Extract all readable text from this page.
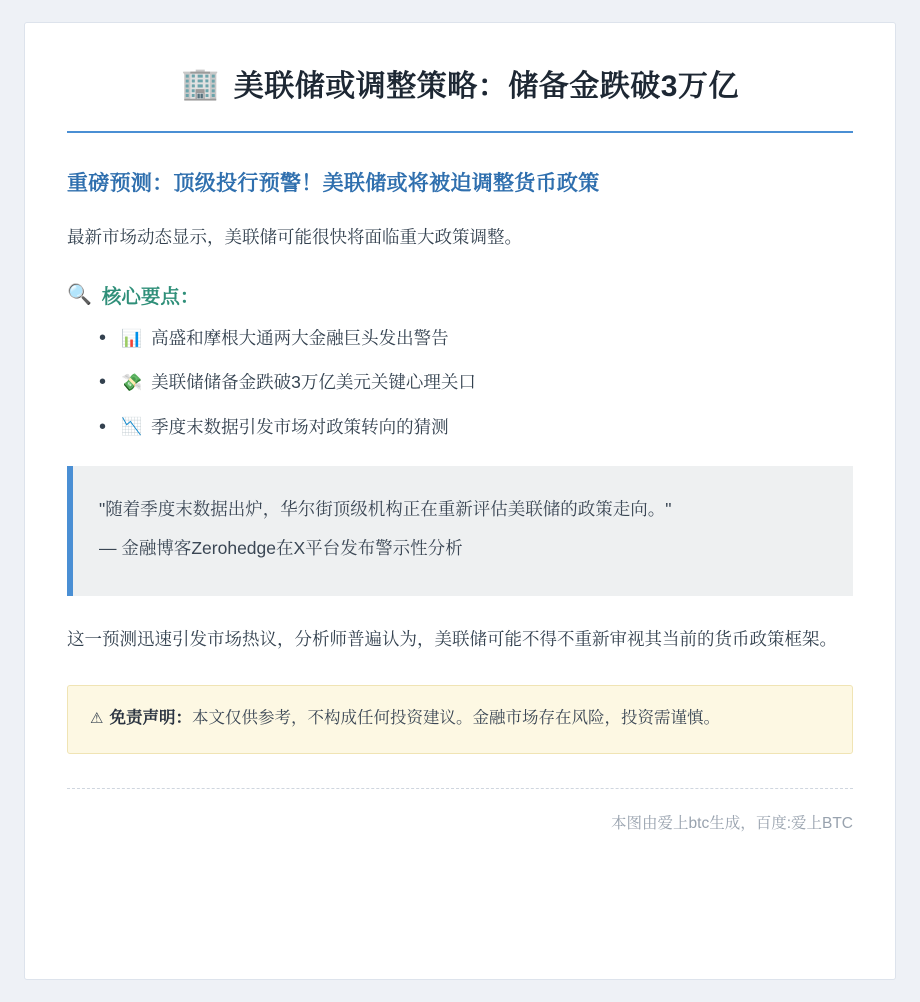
🏢 美联储或调整策略：储备金跌破3万亿
重磅预测：顶级投行预警！美联储或将被迫调整货币政策
最新市场动态显示，美联储可能很快将面临重大政策调整。
🔍 核心要点：
• 📊 高盛和摩根大通两大金融巨头发出警告
• 💸 美联储储备金跌破3万亿美元关键心理关口
• 📉 季度末数据引发市场对政策转向的猜测
"随着季度末数据出炉，华尔街顶级机构正在重新评估美联储的政策走向。"
— 金融博客Zerohedge在X平台发布警示性分析
这一预测迅速引发市场热议，分析师普遍认为，美联储可能不得不重新审视其当前的货币政策框架。
⚠ 免责声明：本文仅供参考，不构成任何投资建议。金融市场存在风险，投资需谨慎。
本图由爱上btc生成，百度:爱上BTC
